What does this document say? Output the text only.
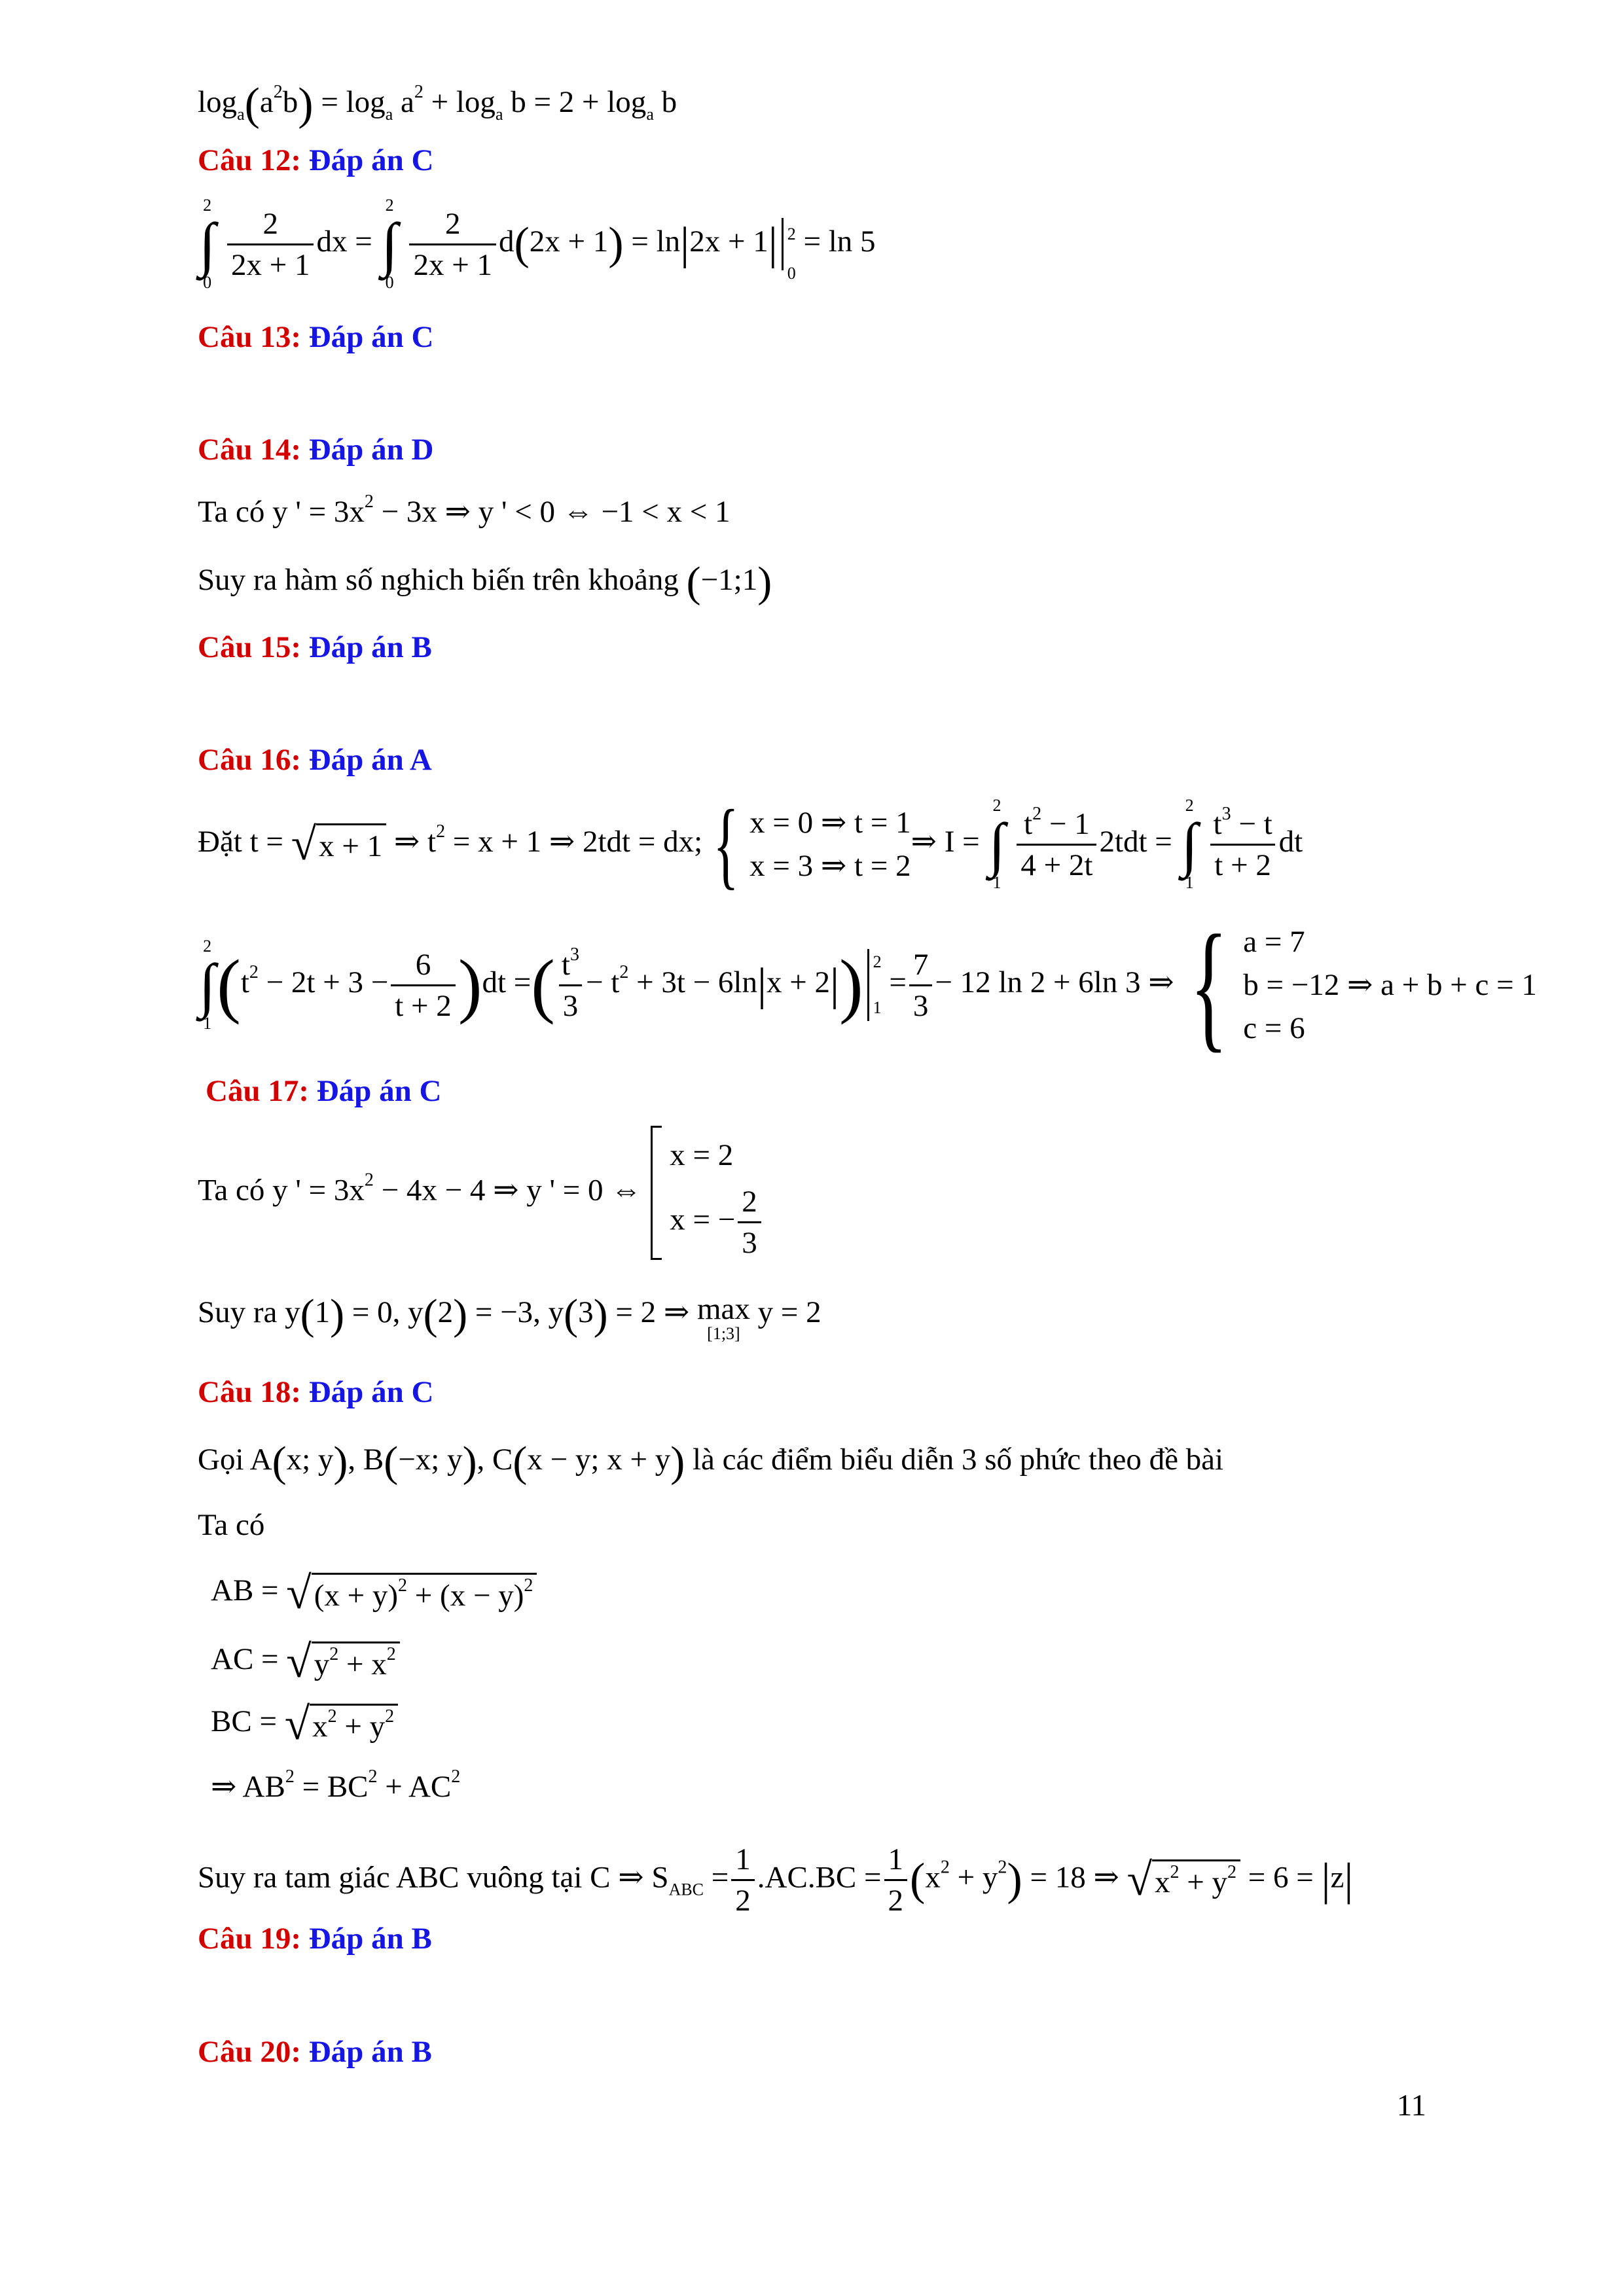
$\log_a(a^2b) = \log_a a^2 + \log_a b = 2 + \log_a b$
Câu 12: Đáp án C
2
∫
0

$\frac{2}{2x + 1}$ dx =
2
∫
0

$\frac{2}{2x + 1} d(2x + 1) = \ln|2x + 1|$ 2
0
= ln 5
Câu 13: Đáp án C
Câu 14: Đáp án D
Ta có y ' = $3x^2 - 3x$ ⇒ y ' < 0 ⇔ −1 < x < 1
Suy ra hàm số nghich biến trên khoảng (−1;1)
Câu 15: Đáp án B
Câu 16: Đáp án A
Đặt t = √x + 1 ⇒ $t^2 = x + 1$ ⇒ 2tdt = dx; { x = 0 ⇒ t = 1
x = 3 ⇒ t = 2
⇒ I =
2
∫
1

$\frac{t^2 - 1}{4 + 2t} 2tdt$ =
2
∫
1

$\frac{t^3 - t}{t + 2}$ dt
2
∫
1 $(t^2 - 2t + 3 - \frac{6}{t + 2} )dt$ =( $\frac{t^3}{3} - t^2 + 3t - 6\ln|x + 2|$) 2
1
= $\frac{7}{3} - 12$ ln 2 + 6ln 3 ⇒ { a = 7
b = −12 ⇒ a + b + c = 1
c = 6
Câu 17: Đáp án C
Ta có y ' = $3x^2 - 4x - 4$ ⇒ y ' = 0 ⇔
x = 2
x = − $\frac{2}{3}$
Suy ra y(1) = 0, y(2) = −3, y(3) = 2 ⇒ max
[1;3]
y = 2
Câu 18: Đáp án C
Gọi A(x; y), B(−x; y), C(x − y; x + y) là các điểm biểu diễn 3 số phức theo đề bài
Ta có
AB = $√(x + y)^2 + (x - y)^2$
AC = $√y^2 + x^2$
BC = $√x^2 + y^2$
⇒ $AB^2 = BC^2 + AC^2$
Suy ra tam giác ABC vuông tại C ⇒ $S_{ABC} = \frac{1}{2} .AC.BC = \frac{1}{2} (x^2 + y^2) = 18$ ⇒ $√x^2 + y^2 = 6 = |z|$
Câu 19: Đáp án B
Câu 20: Đáp án B
11
